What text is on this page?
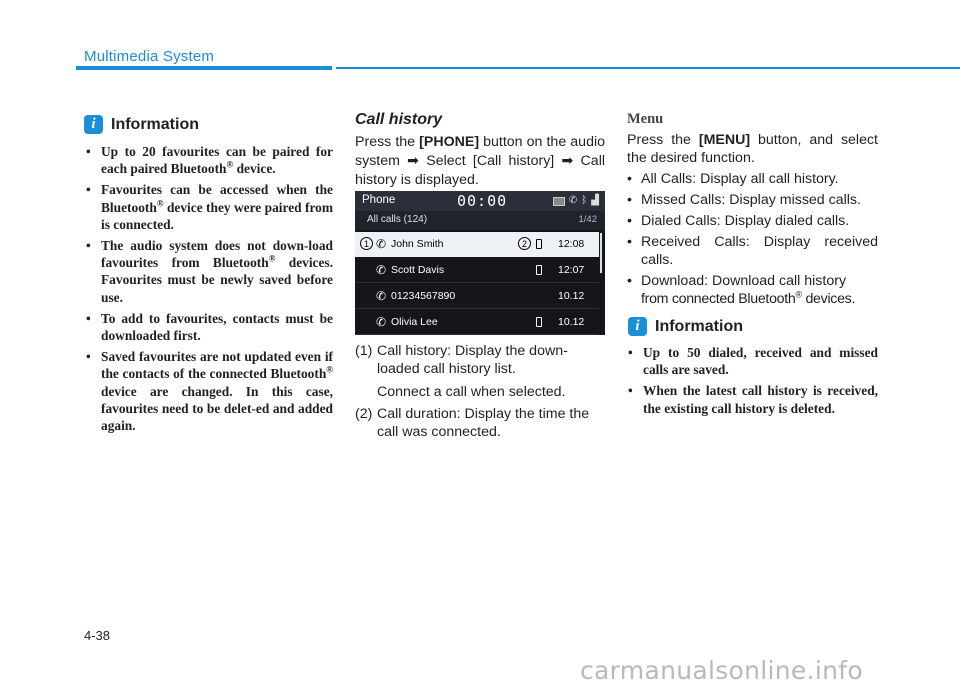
Multimedia System
i Information
• Up to 20 favourites can be paired for each paired Bluetooth® device.
• Favourites can be accessed when the Bluetooth® device they were paired from is connected.
• The audio system does not down-load favourites from Bluetooth® devices. Favourites must be newly saved before use.
• To add to favourites, contacts must be downloaded first.
• Saved favourites are not updated even if the contacts of the connected Bluetooth® device are changed. In this case, favourites need to be delet-ed and added again.
Call history
Press the [PHONE] button on the audio system ➡ Select [Call history] ➡ Call history is displayed.
Phone	00:00	✆ ᛒ ▟
All calls (124)	1/42
1 ✆ John Smith	2	12:08
✆ Scott Davis	12:07
✆ 01234567890	10.12
✆ Olivia Lee	10.12
(1) Call history: Display the down-loaded call history list.
Connect a call when selected.
(2) Call duration: Display the time the call was connected.
Menu
Press the [MENU] button, and select the desired function.
• All Calls: Display all call history.
• Missed Calls: Display missed calls.
• Dialed Calls: Display dialed calls.
• Received Calls: Display received calls.
• Download: Download call history
from connected Bluetooth® devices.
i Information
• Up to 50 dialed, received and missed calls are saved.
• When the latest call history is received, the existing call history is deleted.
4-38
carmanualsonline.info
